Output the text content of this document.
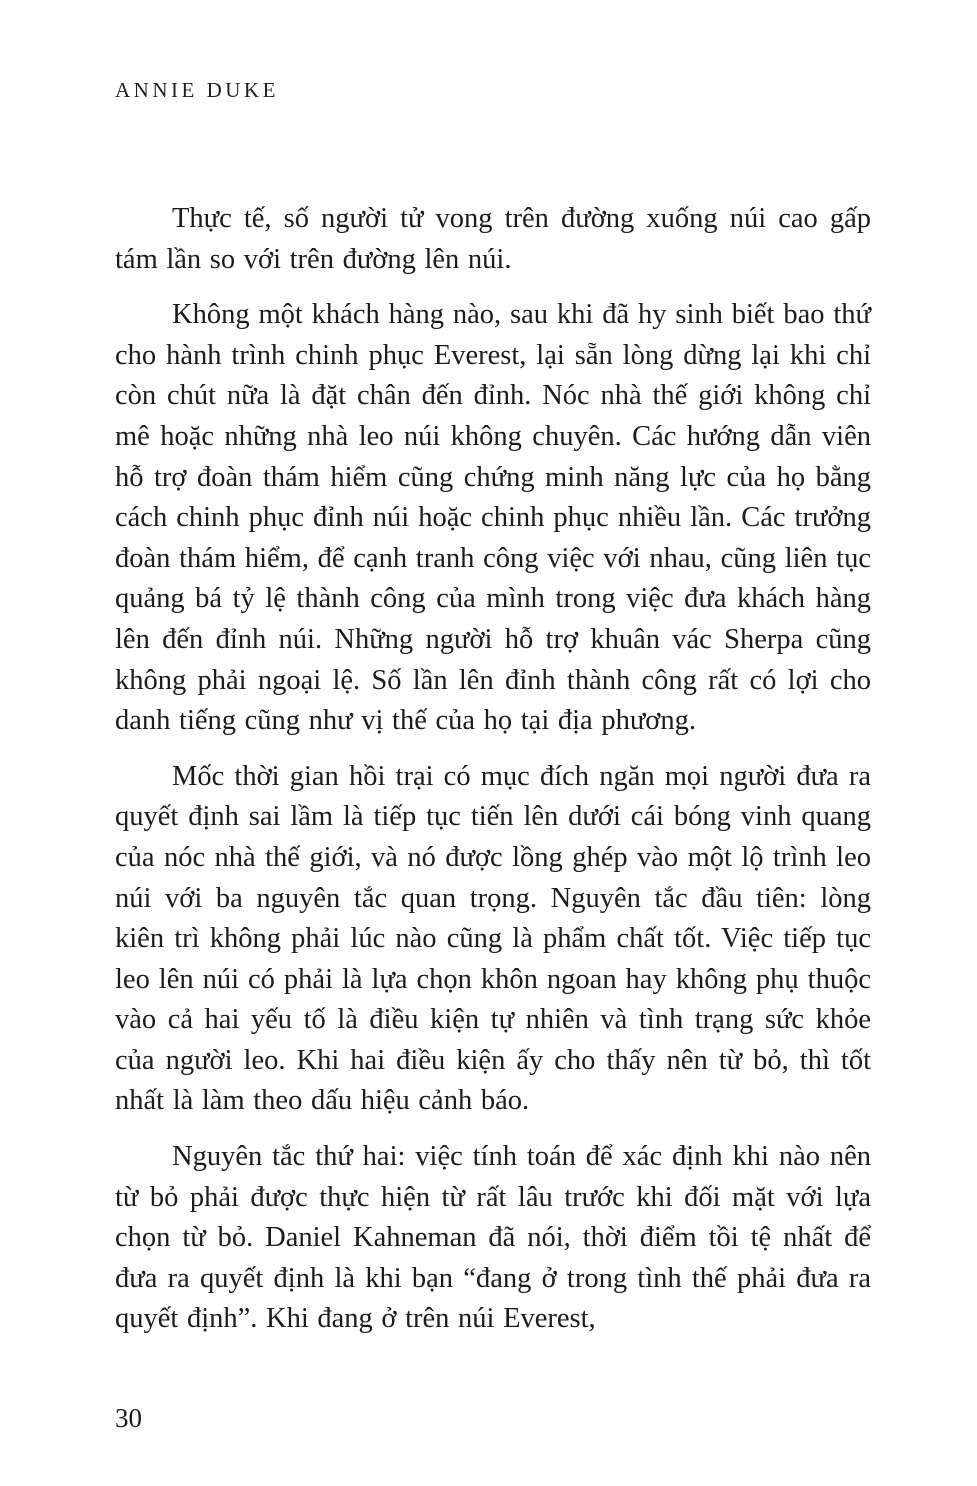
ANNIE DUKE

Thực tế, số người tử vong trên đường xuống núi cao gấp tám lần so với trên đường lên núi.

Không một khách hàng nào, sau khi đã hy sinh biết bao thứ cho hành trình chinh phục Everest, lại sẵn lòng dừng lại khi chỉ còn chút nữa là đặt chân đến đỉnh. Nóc nhà thế giới không chỉ mê hoặc những nhà leo núi không chuyên. Các hướng dẫn viên hỗ trợ đoàn thám hiểm cũng chứng minh năng lực của họ bằng cách chinh phục đỉnh núi hoặc chinh phục nhiều lần. Các trưởng đoàn thám hiểm, để cạnh tranh công việc với nhau, cũng liên tục quảng bá tỷ lệ thành công của mình trong việc đưa khách hàng lên đến đỉnh núi. Những người hỗ trợ khuân vác Sherpa cũng không phải ngoại lệ. Số lần lên đỉnh thành công rất có lợi cho danh tiếng cũng như vị thế của họ tại địa phương.

Mốc thời gian hồi trại có mục đích ngăn mọi người đưa ra quyết định sai lầm là tiếp tục tiến lên dưới cái bóng vinh quang của nóc nhà thế giới, và nó được lồng ghép vào một lộ trình leo núi với ba nguyên tắc quan trọng. Nguyên tắc đầu tiên: lòng kiên trì không phải lúc nào cũng là phẩm chất tốt. Việc tiếp tục leo lên núi có phải là lựa chọn khôn ngoan hay không phụ thuộc vào cả hai yếu tố là điều kiện tự nhiên và tình trạng sức khỏe của người leo. Khi hai điều kiện ấy cho thấy nên từ bỏ, thì tốt nhất là làm theo dấu hiệu cảnh báo.

Nguyên tắc thứ hai: việc tính toán để xác định khi nào nên từ bỏ phải được thực hiện từ rất lâu trước khi đối mặt với lựa chọn từ bỏ. Daniel Kahneman đã nói, thời điểm tồi tệ nhất để đưa ra quyết định là khi bạn “đang ở trong tình thế phải đưa ra quyết định”. Khi đang ở trên núi Everest,

30
